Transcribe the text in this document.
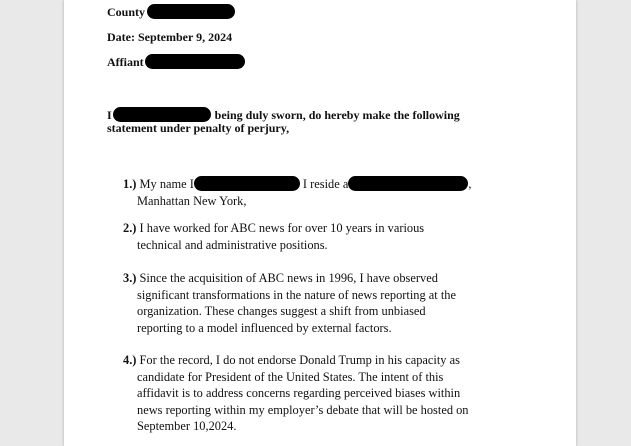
County
Date: September 9, 2024
Affiant
I	being duly sworn, do hereby make the following
statement under penalty of perjury,
1.) My name I	I reside a	,
Manhattan New York,
2.) I have worked for ABC news for over 10 years in various
technical and administrative positions.
3.) Since the acquisition of ABC news in 1996, I have observed
significant transformations in the nature of news reporting at the
organization. These changes suggest a shift from unbiased
reporting to a model influenced by external factors.
4.) For the record, I do not endorse Donald Trump in his capacity as
candidate for President of the United States. The intent of this
affidavit is to address concerns regarding perceived biases within
news reporting within my employer’s debate that will be hosted on
September 10,2024.
